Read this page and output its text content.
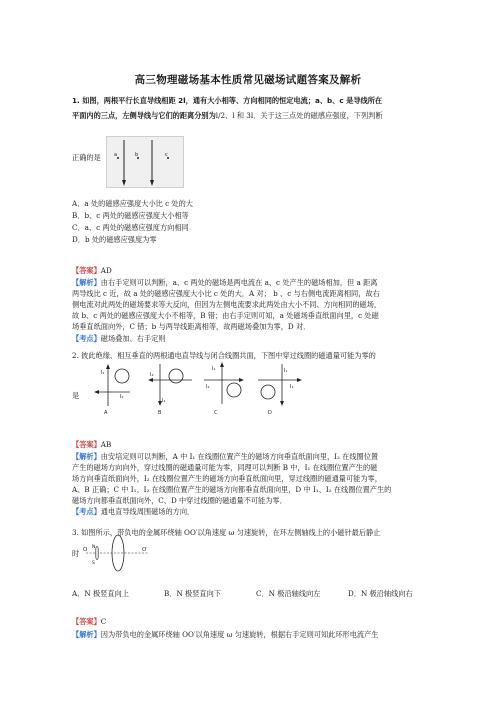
高三物理磁场基本性质常见磁场试题答案及解析
1. 如图，两根平行长直导线相距 2l，通有大小相等、方向相同的恒定电流；a、b、c 是导线所在
平面内的三点，左侧导线与它们的距离分别为l/2、l 和 3l．关于这三点处的磁感应强度，下列判断
正确的是	a	b	c
A．a 处的磁感应强度大小比 c 处的大
B．b、c 两处的磁感应强度大小相等
C．a、c 两处的磁感应强度方向相同
D．b 处的磁感应强度为零
【答案】AD
【解析】由右手定则可以判断，a、c 两处的磁场是两电流在 a、c 处产生的磁场相加，但 a 距离
两导线比 c 近，故 a 处的磁感应强度大小比 c 处的大．A 对； b 、c 与右侧电流距离相同，故右
侧电流对此两处的磁场要求等大反向，但因为左侧电流要求此两处由大小不同、方向相同的磁场，
故 b、c 两处的磁感应强度大小不相等，B 错；由右手定则可知，a 处磁场垂直纸面向里，c 处磁
场垂直纸面向外，C 错；b 与两导线距离相等，故两磁场叠加为零，D 对．
【考点】磁场叠加、右手定则
2. 彼此绝缘、相互垂直的两根通电直导线与闭合线圈共面，下图中穿过线圈的磁通量可能为零的
是
I₁
I₂
A
I₁
I₂
B
I₁
I₂
C
I₁
I₂
D
【答案】AB
【解析】由安培定则可以判断，A 中 I₁ 在线圈位置产生的磁场方向垂直纸面向里，I₂ 在线圈位置
产生的磁场方向向外，穿过线圈的磁通量可能为零，同理可以判断 B 中，I₁ 在线圈位置产生的磁
场方向垂直纸面向外，I₂ 在线圈位置产生的磁场方向垂直纸面向里，穿过线圈的磁通量可能为零，
A、B 正确；C 中 I₁、I₂ 在线圈位置产生的磁场方向都垂直纸面向里，D 中 I₁、I₂ 在线圈位置产生的
磁场方向都垂直纸面向外，C、D 中穿过线圈的磁通量不可能为零．
【考点】通电直导线周围磁场的方向．
3. 如图所示，带负电的金属环绕轴 OO′以角速度 ω 匀速旋转，在环左侧轴线上的小磁针最后静止
时 O N
S
O′
A．N 极竖直向上	B．N 极竖直向下	C．N 极沿轴线向左	D．N 极沿轴线向右
【答案】C
【解析】因为带负电的金属环绕轴 OO′以角速度 ω 匀速旋转，根据右手定则可知此环形电流产生
